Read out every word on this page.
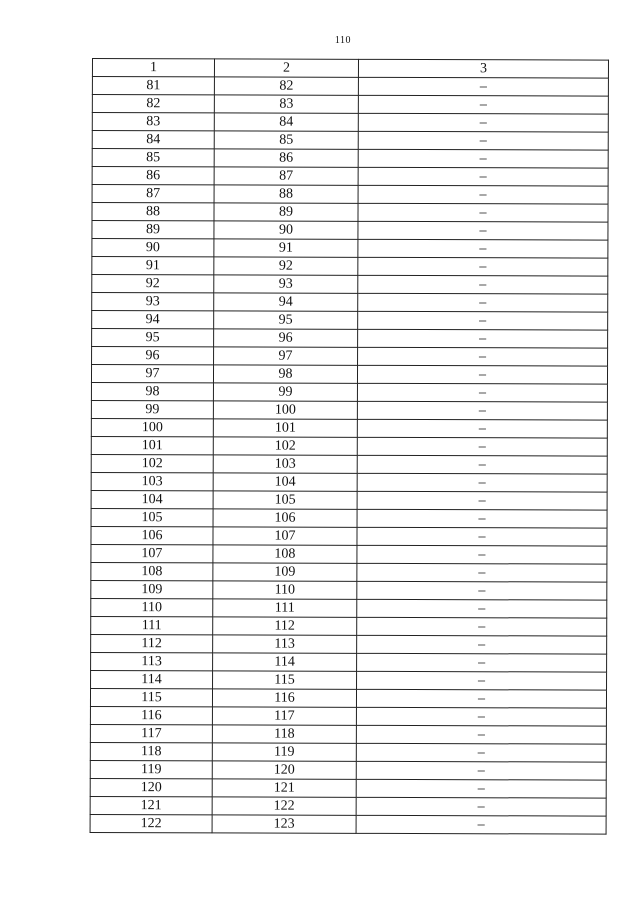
110
1	2	3
81	82	–
82	83	–
83	84	–
84	85	–
85	86	–
86	87	–
87	88	–
88	89	–
89	90	–
90	91	–
91	92	–
92	93	–
93	94	–
94	95	–
95	96	–
96	97	–
97	98	–
98	99	–
99	100	–
100	101	–
101	102	–
102	103	–
103	104	–
104	105	–
105	106	–
106	107	–
107	108	–
108	109	–
109	110	–
110	111	–
111	112	–
112	113	–
113	114	–
114	115	–
115	116	–
116	117	–
117	118	–
118	119	–
119	120	–
120	121	–
121	122	–
122	123	–
